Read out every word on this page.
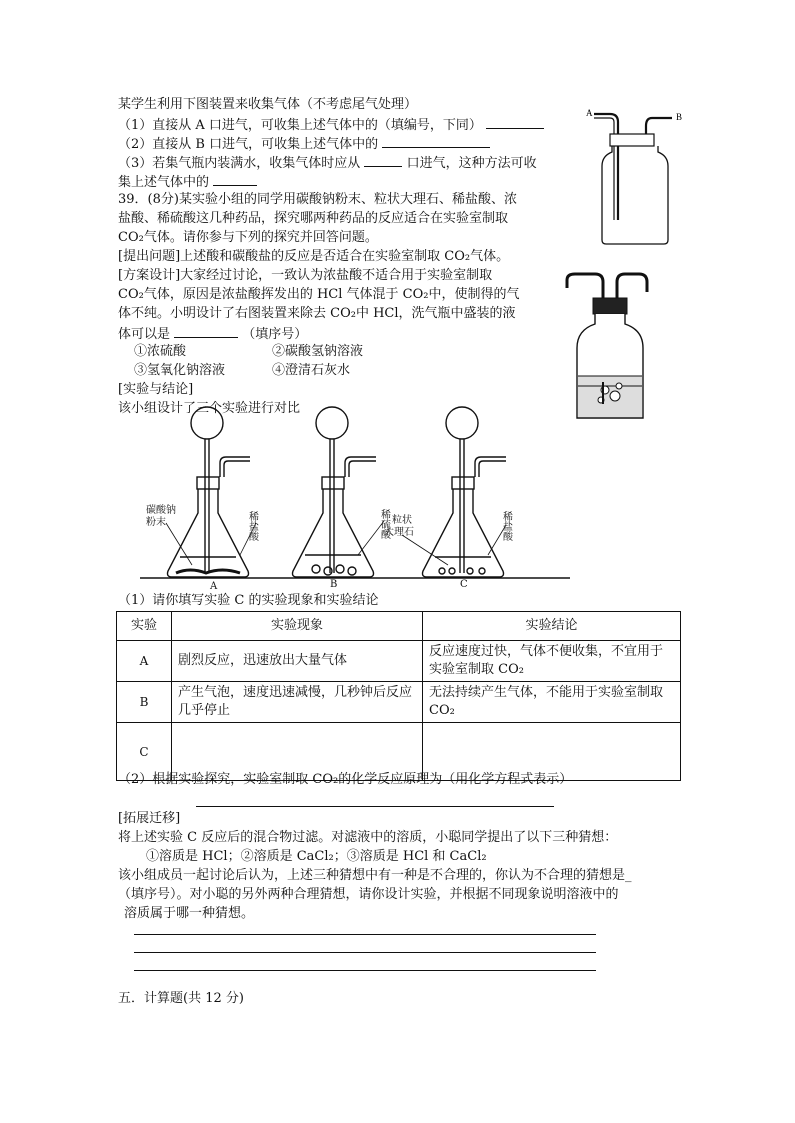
某学生利用下图装置来收集气体（不考虑尾气处理）
（1）直接从 A 口进气，可收集上述气体中的（填编号，下同）
（2）直接从 B 口进气，可收集上述气体中的
（3）若集气瓶内装满水，收集气体时应从	口进气，这种方法可收
集上述气体中的
A	B
39．(8分)某实验小组的同学用碳酸钠粉末、粒状大理石、稀盐酸、浓
盐酸、稀硫酸这几种药品，探究哪两种药品的反应适合在实验室制取
CO₂气体。请你参与下列的探究并回答问题。
[提出问题]上述酸和碳酸盐的反应是否适合在实验室制取 CO₂气体。
[方案设计]大家经过讨论，一致认为浓盐酸不适合用于实验室制取
CO₂气体，原因是浓盐酸挥发出的 HCl 气体混于 CO₂中，使制得的气
体不纯。小明设计了右图装置来除去 CO₂中 HCl，洗气瓶中盛装的液
体可以是	（填序号）
①浓硫酸	②碳酸氢钠溶液
③氢氧化钠溶液	④澄清石灰水
[实验与结论]
该小组设计了三个实验进行对比
碳酸钠
粉末	稀盐酸	稀硫酸 粒状
大理石	稀盐酸
A	B	C
（1）请你填写实验 C 的实验现象和实验结论
实验	实验现象	实验结论
A	剧烈反应，迅速放出大量气体	反应速度过快，气体不便收集，不宜用于实验室制取 CO₂
B	产生气泡，速度迅速减慢，几秒钟后反应几乎停止	无法持续产生气体，不能用于实验室制取 CO₂
C		
（2）根据实验探究，实验室制取 CO₂的化学反应原理为（用化学方程式表示）
[拓展迁移]
将上述实验 C 反应后的混合物过滤。对滤液中的溶质，小聪同学提出了以下三种猜想：
①溶质是 HCl；②溶质是 CaCl₂；③溶质是 HCl 和 CaCl₂
该小组成员一起讨论后认为，上述三种猜想中有一种是不合理的，你认为不合理的猜想是_
（填序号）。对小聪的另外两种合理猜想，请你设计实验，并根据不同现象说明溶液中的
溶质属于哪一种猜想。
五．计算题(共 12 分)
